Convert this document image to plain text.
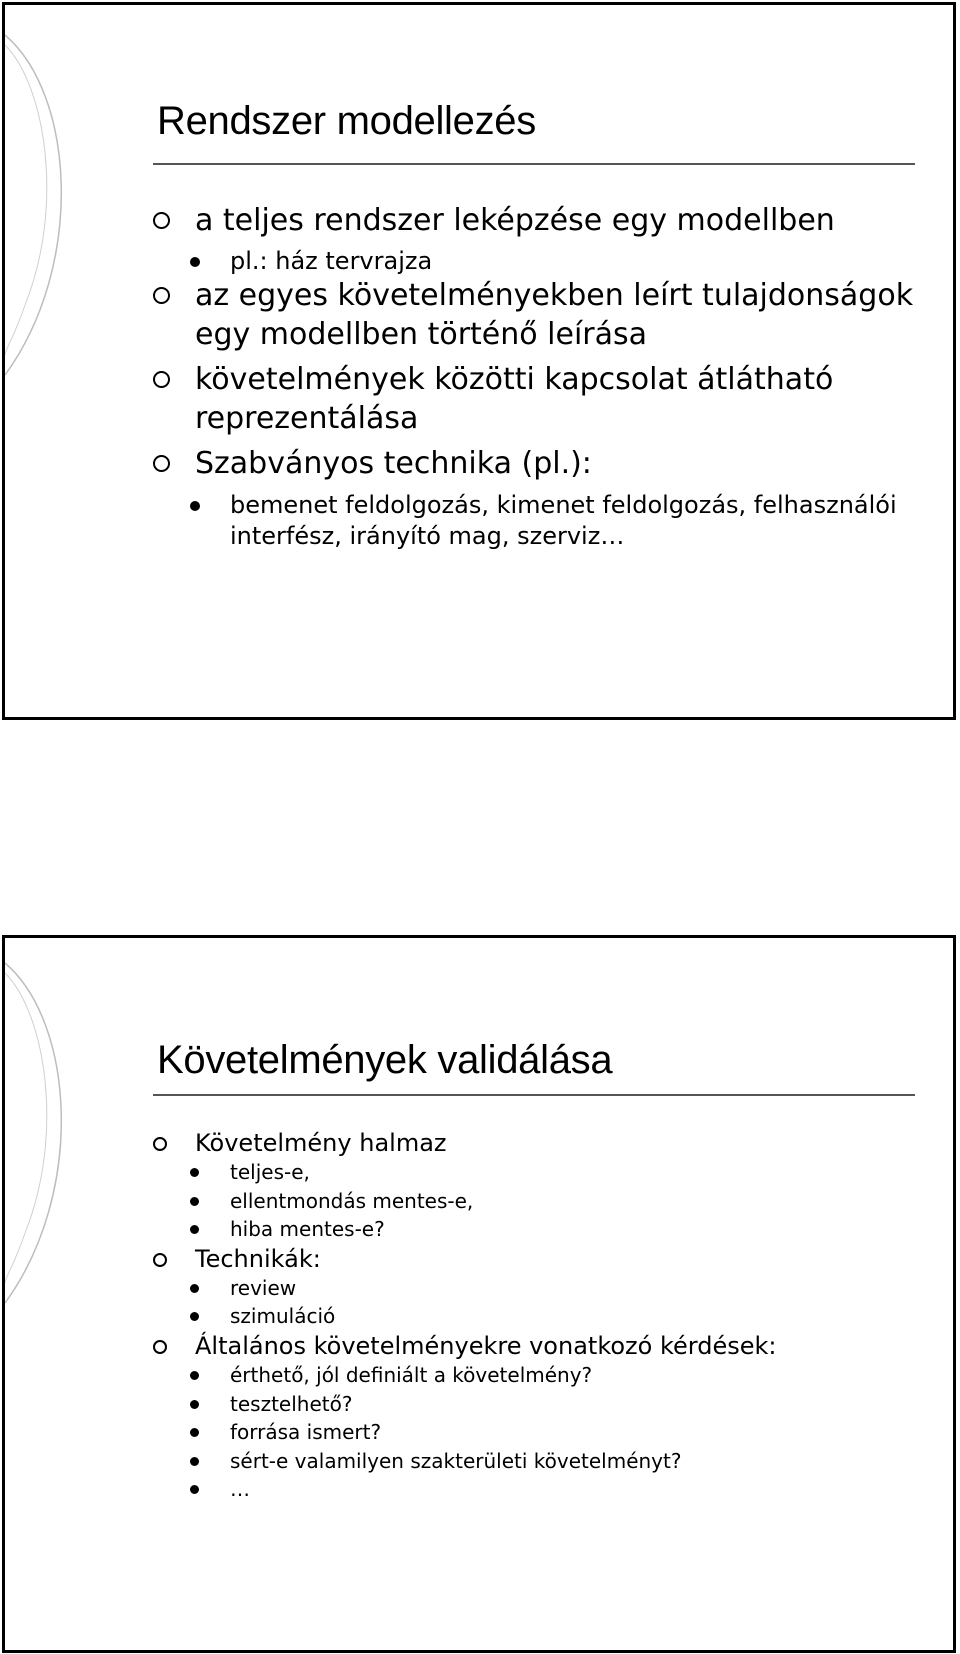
Rendszer modellezés
a teljes rendszer leképzése egy modellben
pl.: ház tervrajza
az egyes követelményekben leírt tulajdonságok egy modellben történő leírása
követelmények közötti kapcsolat átlátható reprezentálása
Szabványos technika (pl.):
bemenet feldolgozás, kimenet feldolgozás, felhasználói interfész, irányító mag, szerviz…
Követelmények validálása
Követelmény halmaz
teljes-e,
ellentmondás mentes-e,
hiba mentes-e?
Technikák:
review
szimuláció
Általános követelményekre vonatkozó kérdések:
érthető, jól definiált a követelmény?
tesztelhető?
forrása ismert?
sért-e valamilyen szakterületi követelményt?
…
